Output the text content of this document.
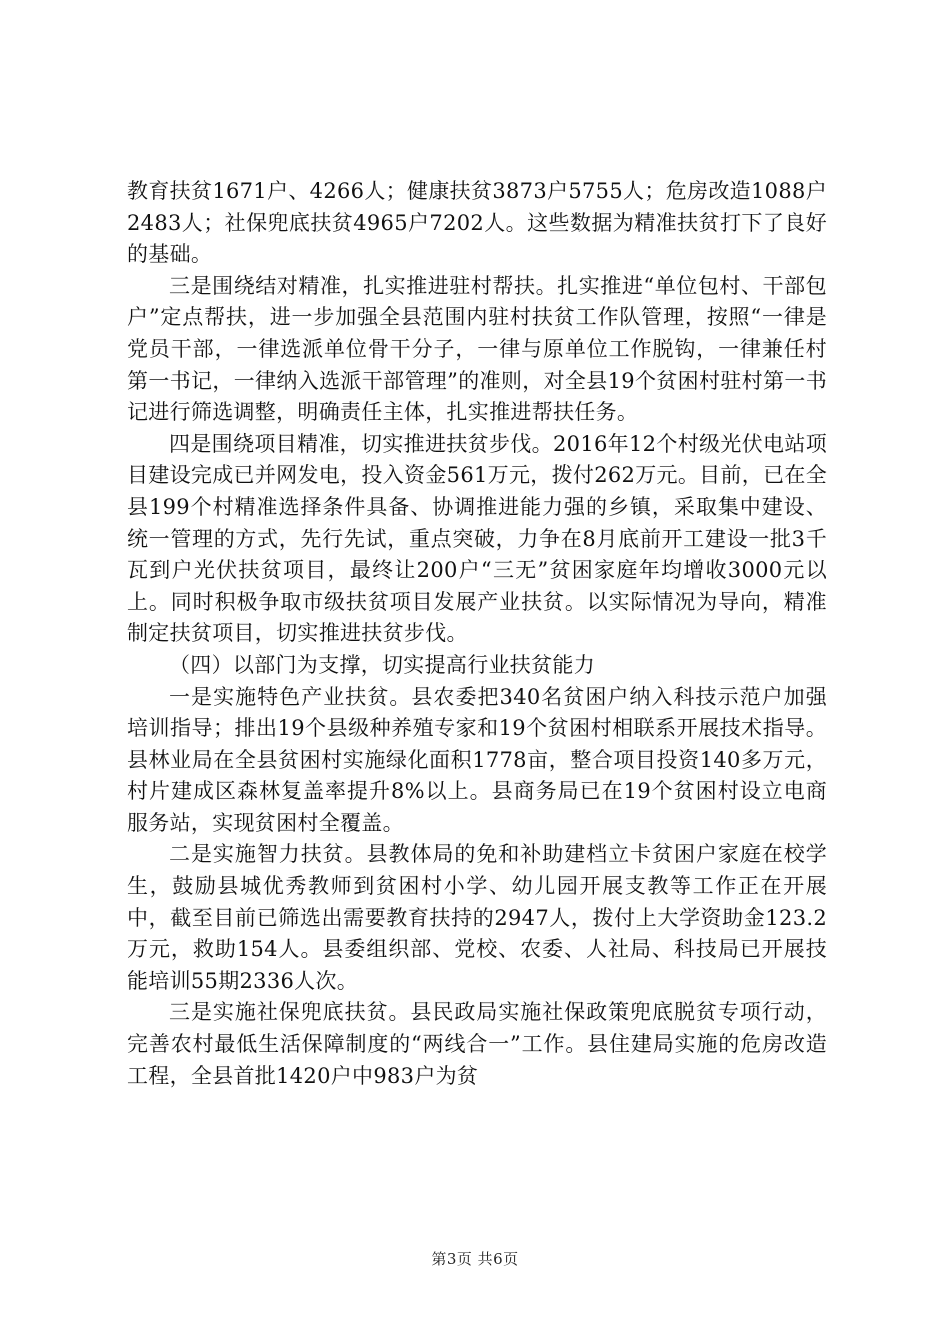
教育扶贫1671户、4266人；健康扶贫3873户5755人；危房改造1088户2483人；社保兜底扶贫4965户7202人。这些数据为精准扶贫打下了良好的基础。

三是围绕结对精准，扎实推进驻村帮扶。扎实推进“单位包村、干部包户”定点帮扶，进一步加强全县范围内驻村扶贫工作队管理，按照“一律是党员干部，一律选派单位骨干分子，一律与原单位工作脱钩，一律兼任村第一书记，一律纳入选派干部管理”的准则，对全县19个贫困村驻村第一书记进行筛选调整，明确责任主体，扎实推进帮扶任务。

四是围绕项目精准，切实推进扶贫步伐。2016年12个村级光伏电站项目建设完成已并网发电，投入资金561万元，拨付262万元。目前，已在全县199个村精准选择条件具备、协调推进能力强的乡镇，采取集中建设、统一管理的方式，先行先试，重点突破，力争在8月底前开工建设一批3千瓦到户光伏扶贫项目，最终让200户“三无”贫困家庭年均增收3000元以上。同时积极争取市级扶贫项目发展产业扶贫。以实际情况为导向，精准制定扶贫项目，切实推进扶贫步伐。

（四）以部门为支撑，切实提高行业扶贫能力

一是实施特色产业扶贫。县农委把340名贫困户纳入科技示范户加强培训指导；排出19个县级种养殖专家和19个贫困村相联系开展技术指导。县林业局在全县贫困村实施绿化面积1778亩，整合项目投资140多万元，村片建成区森林复盖率提升8%以上。县商务局已在19个贫困村设立电商服务站，实现贫困村全覆盖。

二是实施智力扶贫。县教体局的免和补助建档立卡贫困户家庭在校学生，鼓励县城优秀教师到贫困村小学、幼儿园开展支教等工作正在开展中，截至目前已筛选出需要教育扶持的2947人，拨付上大学资助金123.2万元，救助154人。县委组织部、党校、农委、人社局、科技局已开展技能培训55期2336人次。

三是实施社保兜底扶贫。县民政局实施社保政策兜底脱贫专项行动，完善农村最低生活保障制度的“两线合一”工作。县住建局实施的危房改造工程，全县首批1420户中983户为贫

第3页 共6页
